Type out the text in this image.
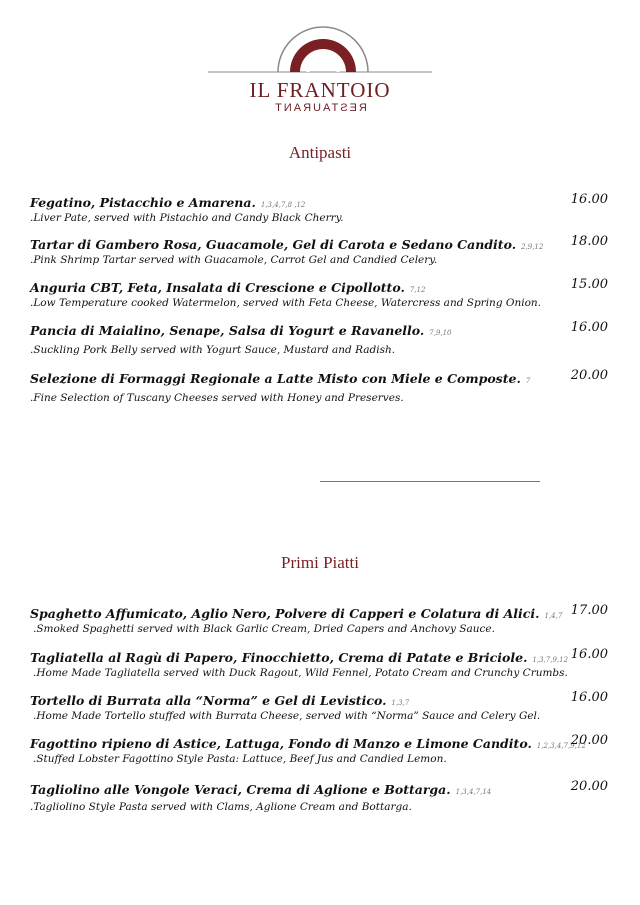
IL FRANTOIO
RESTAURANT
Antipasti
Fegatino, Pistacchio e Amarena. 1,3,4,7,8 ,12	16.00
.Liver Pate, served with Pistachio and Candy Black Cherry.
Tartar di Gambero Rosa, Guacamole, Gel di Carota e Sedano Candito. 2,9,12 18.00
.Pink Shrimp Tartar served with Guacamole, Carrot Gel and Candied Celery.
Anguria CBT, Feta, Insalata di Crescione e Cipollotto. 7,12	15.00
.Low Temperature cooked Watermelon, served with Feta Cheese, Watercress and Spring Onion.
Pancia di Maialino, Senape, Salsa di Yogurt e Ravanello. 7,9,10	16.00
.Suckling Pork Belly served with Yogurt Sauce, Mustard and Radish.
Selezione di Formaggi Regionale a Latte Misto con Miele e Composte. 7	20.00
.Fine Selection of Tuscany Cheeses served with Honey and Preserves.
Primi Piatti
Spaghetto Affumicato, Aglio Nero, Polvere di Capperi e Colatura di Alici. 1,4,7 17.00
.Smoked Spaghetti served with Black Garlic Cream, Dried Capers and Anchovy Sauce.
Tagliatella al Ragù di Papero, Finocchietto, Crema di Patate e Briciole. 1,3,7,9,12 16.00
.Home Made Tagliatella served with Duck Ragout, Wild Fennel, Potato Cream and Crunchy Crumbs.
Tortello di Burrata alla “Norma” e Gel di Levistico. 1,3,7	16.00
.Home Made Tortello stuffed with Burrata Cheese, served with “Norma” Sauce and Celery Gel.
Fagottino ripieno di Astice, Lattuga, Fondo di Manzo e Limone Candito. 1,2,3,4,7,9,12
20.00
.Stuffed Lobster Fagottino Style Pasta: Lattuce, Beef Jus and Candied Lemon.
Tagliolino alle Vongole Veraci, Crema di Aglione e Bottarga. 1,3,4,7,14	20.00
.Tagliolino Style Pasta served with Clams, Aglione Cream and Bottarga.
